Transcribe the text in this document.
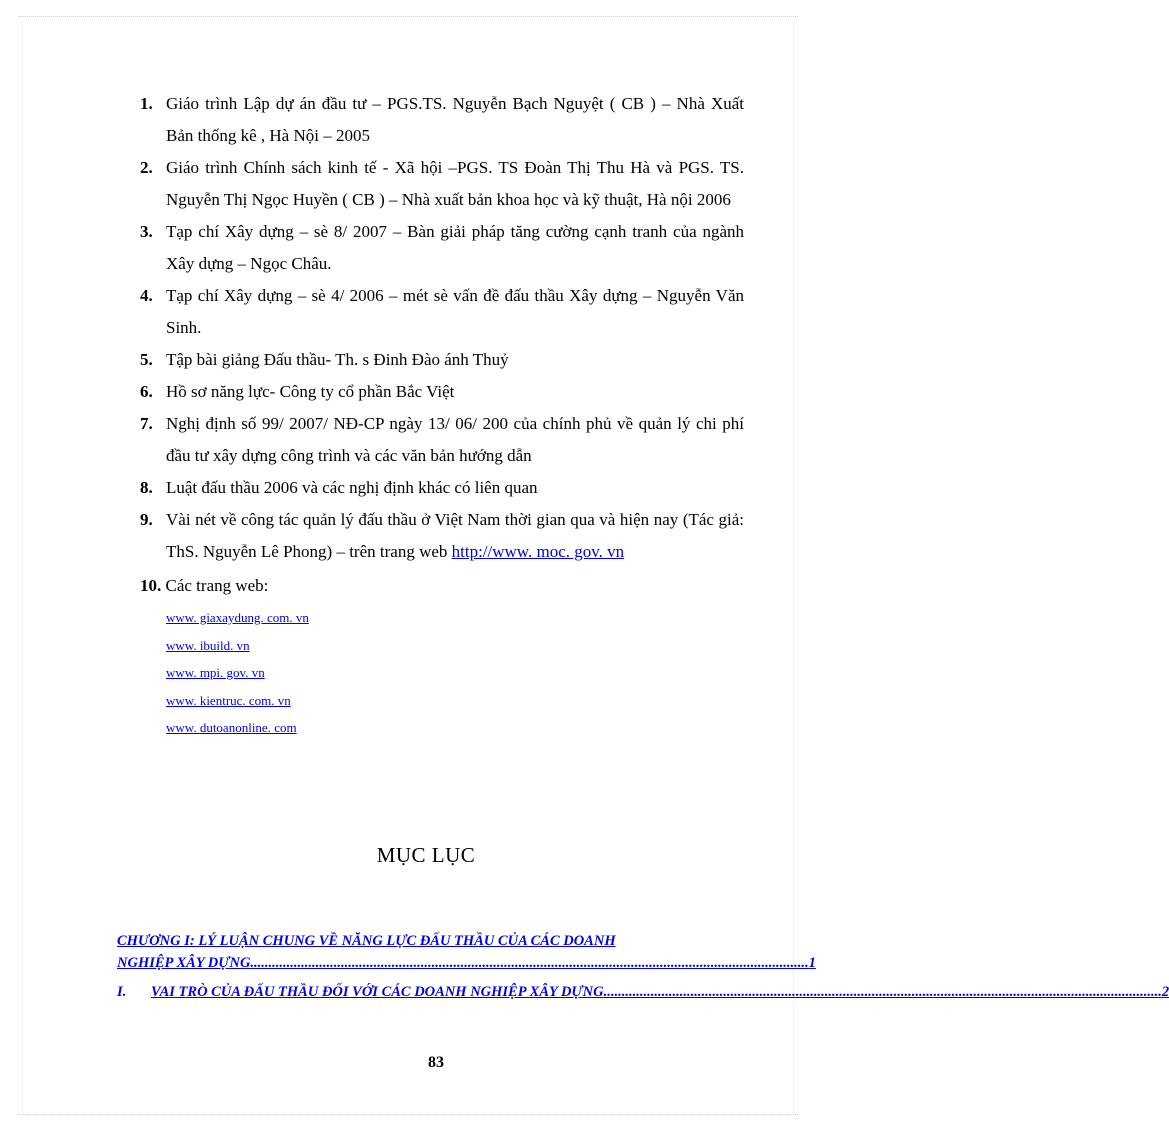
1. Giáo trình Lập dự án đầu tư – PGS.TS. Nguyễn Bạch Nguyệt ( CB ) – Nhà Xuất Bản thống kê , Hà Nội – 2005
2. Giáo trình Chính sách kinh tế - Xã hội –PGS. TS Đoàn Thị Thu Hà và PGS. TS. Nguyễn Thị Ngọc Huyền ( CB ) – Nhà xuất bản khoa học và kỹ thuật, Hà nội 2006
3. Tạp chí Xây dựng – sè 8/ 2007 – Bàn giải pháp tăng cường cạnh tranh của ngành Xây dựng – Ngọc Châu.
4. Tạp chí Xây dựng – sè 4/ 2006 – mét sè vấn đề đấu thầu Xây dựng – Nguyễn Văn Sinh.
5. Tập bài giảng Đấu thầu- Th. s Đinh Đào ánh Thuỷ
6. Hồ sơ năng lực- Công ty cổ phần Bắc Việt
7. Nghị định số 99/ 2007/ NĐ-CP ngày 13/ 06/ 200 của chính phủ về quản lý chi phí đầu tư xây dựng công trình và các văn bản hướng dẫn
8. Luật đấu thầu 2006 và các nghị định khác có liên quan
9. Vài nét về công tác quản lý đấu thầu ở Việt Nam thời gian qua và hiện nay (Tác giả: ThS. Nguyễn Lê Phong) – trên trang web http://www. moc. gov. vn
10. Các trang web:
www. giaxaydung. com. vn
www. ibuild. vn
www. mpi. gov. vn
www. kientruc. com. vn
www. dutoanonline. com
MỤC LỤC
CHƯƠNG I: LÝ LUẬN CHUNG VỀ NĂNG LỰC ĐẤU THẦU CỦA CÁC DOANH
NGHIỆP XÂY DỰNG .......................................................................................................................................................... 1
I. VAI TRÒ CỦA ĐẤU THẦU ĐỐI VỚI CÁC DOANH NGHIỆP XÂY DỰNG .......................................................................................................................................................... 2
83
